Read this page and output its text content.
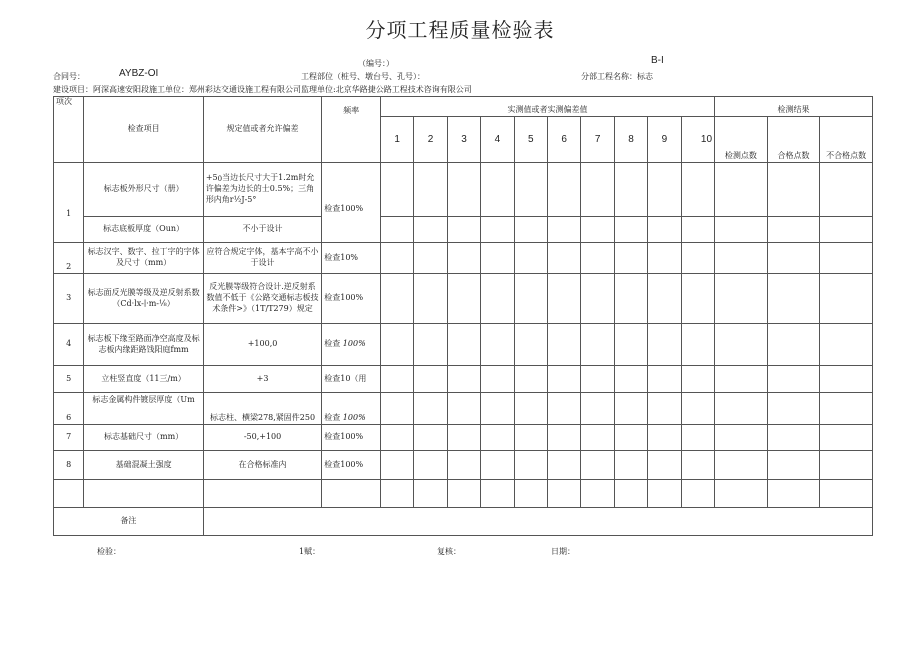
分项工程质量检验表
（编号：）	B-I
合同号：	AYBZ-OI	工程部位（桩号、墩台号、孔号）：	分部工程名称：标志
建设项目：阿深高速安阳段施工单位：郑州彩达交通设施工程有限公司监理单位:北京华路捷公路工程技术咨询有限公司
项次	检查项目	规定值或者允许偏差	频率	实测值或者实测偏差值										检测结果		
				1	2	3	4	5	6	7	8	9	10	检测点数	合格点数	不合格点数

1	标志板外形尺寸（册）	$+5_0$当边长尺寸大于1.2m时允许偏差为边长的士0.5%；三角形内角r½J-5°	检查100%													
	标志底板厚度（Oun）	不小于设计														
2	标志汉字、数字、拉丁字的字体及尺寸（mm）	应符合规定字体，基本字高不小于设计	检查10%													
3	标志面反光膜等级及逆反射系数（Cd·lx-∣·m-⅛）	反光膜等级符合设计.逆反射系数值不低于《公路交通标志板技术条件>》（1T/T279）规定	检查100%													
4	标志板下缘至路面净空高度及标志板内缘距路饯阳庭fmm	+100,0	检查 100%													
5	立柱竖直度（11三/m）	+3	检查10（用													
6	标志金属构件镀层厚度（Um	标志柱、横梁278,紧固件250	检查 100%													
7	标志基础尺寸（mm）	-50,+100	检查100%													
8	基础混凝土强度	在合格标准内	检查100%													

备注																
检验：	1赋：	复核：	日期：
